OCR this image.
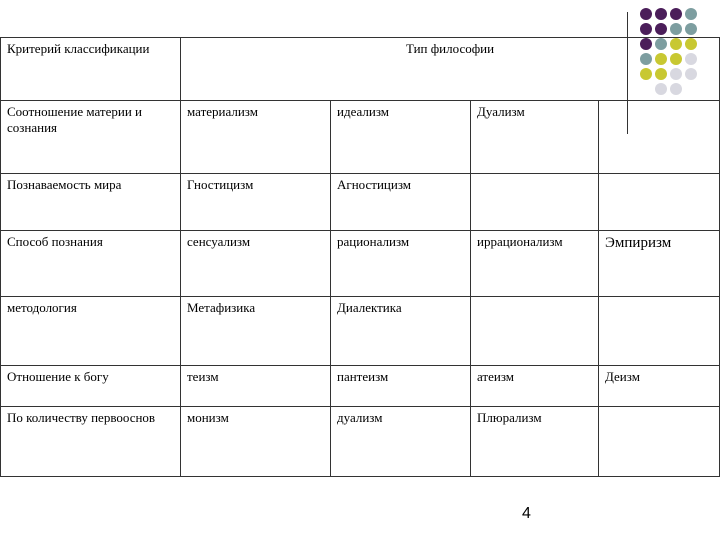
Критерий классификации	Тип философии			
Соотношение материи и сознания	материализм	идеализм	Дуализм	
Познаваемость мира	Гностицизм	Агностицизм		
Способ познания	сенсуализм	рационализм	иррационализм	Эмпиризм
методология	Метафизика	Диалектика		
Отношение к богу	теизм	пантеизм	атеизм	Деизм
По количеству первооснов	монизм	дуализм	Плюрализм	
4
